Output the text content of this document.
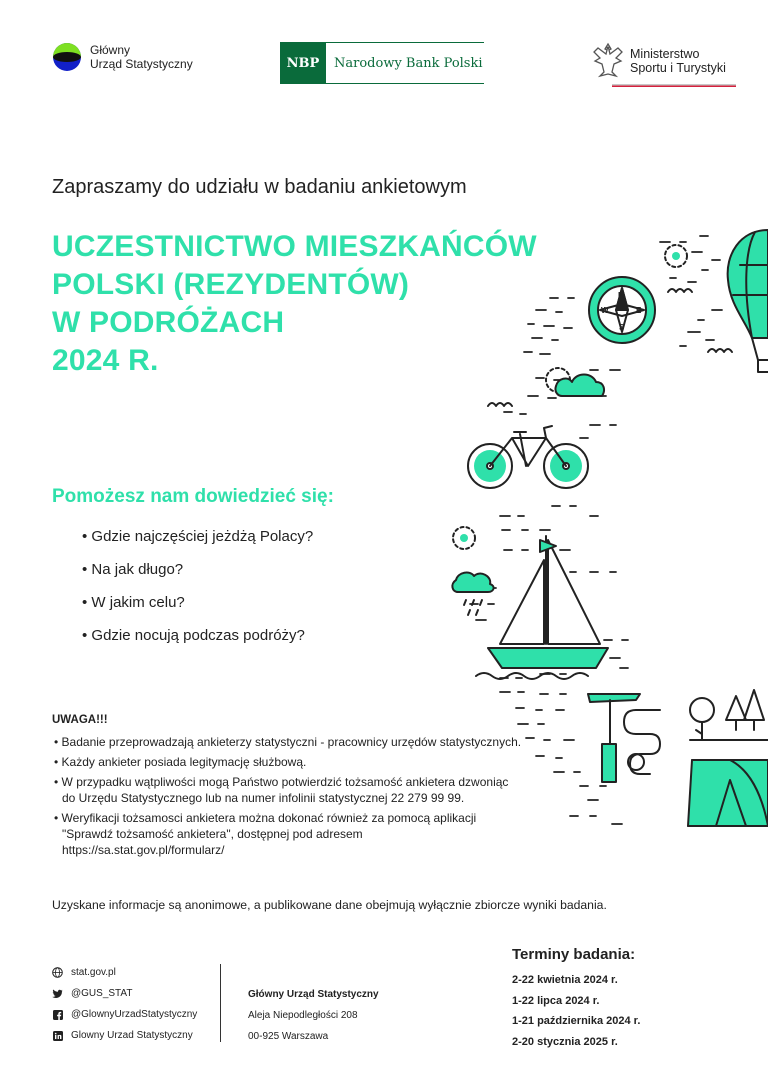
Główny
Urząd Statystyczny	NBP	Narodowy Bank Polski
Ministerstwo
Sportu i Turystyki
Zapraszamy do udziału w badaniu ankietowym
UCZESTNICTWO MIESZKAŃCÓW
POLSKI (REZYDENTÓW)
W PODRÓŻACH
2024 R.
Pomożesz nam dowiedzieć się:
• Gdzie najczęściej jeżdżą Polacy?
• Na jak długo?
• W jakim celu?
• Gdzie nocują podczas podróży?
UWAGA!!!
• Badanie przeprowadzają ankieterzy statystyczni - pracownicy urzędów statystycznych.
• Każdy ankieter posiada legitymację służbową.
• W przypadku wątpliwości mogą Państwo potwierdzić tożsamość ankietera dzwoniąc do Urzędu Statystycznego lub na numer infolinii statystycznej 22 279 99 99.
• Weryfikacji tożsamosci ankietera można dokonać również za pomocą aplikacji "Sprawdź tożsamość ankietera", dostępnej pod adresem https://sa.stat.gov.pl/formularz/
Uzyskane informacje są anonimowe, a publikowane dane obejmują wyłącznie zbiorcze wyniki badania.
stat.gov.pl
@GUS_STAT
@GlownyUrzadStatystyczny
Glowny Urzad Statystyczny
Główny Urząd Statystyczny
Aleja Niepodległości 208
00-925 Warszawa
Terminy badania:
2-22 kwietnia 2024 r.
1-22 lipca 2024 r.
1-21 października 2024 r.
2-20 stycznia 2025 r.
N
W	E
S
